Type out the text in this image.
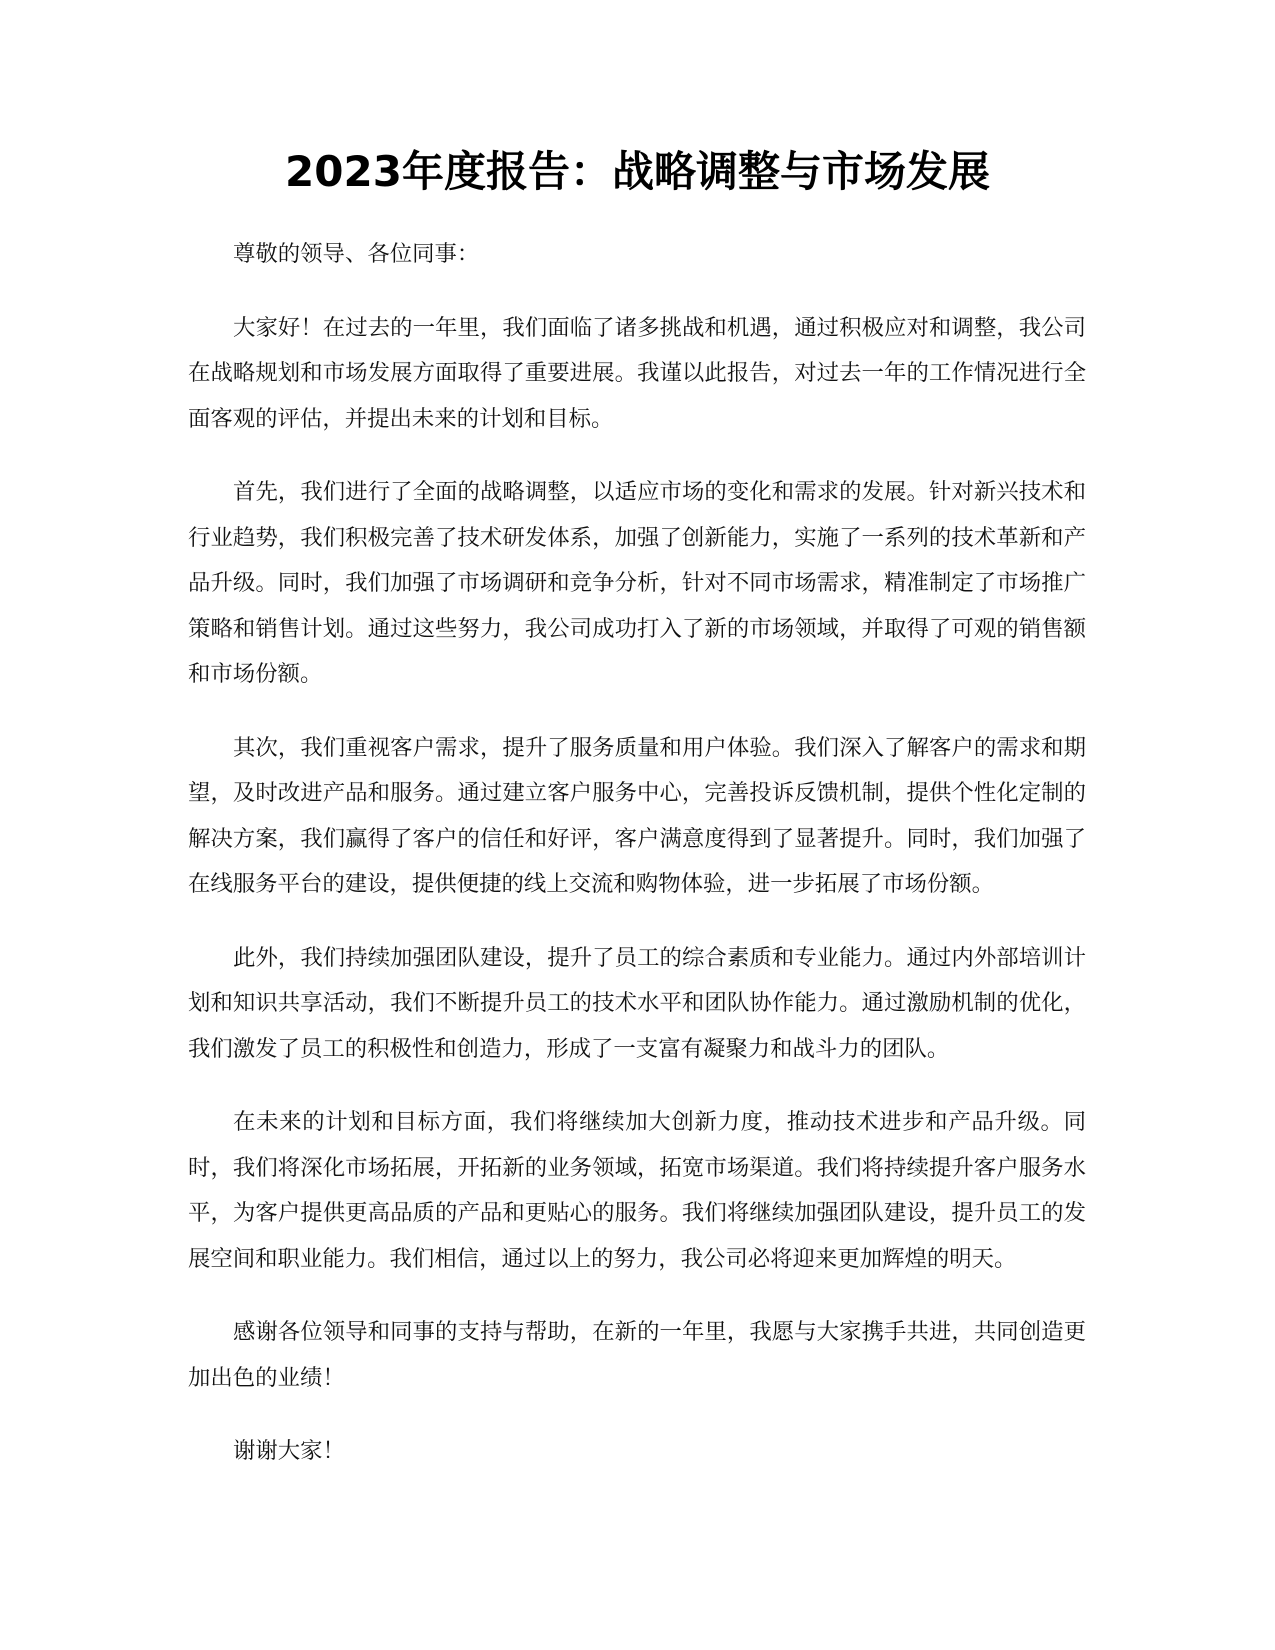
2023年度报告：战略调整与市场发展

尊敬的领导、各位同事：

大家好！在过去的一年里，我们面临了诸多挑战和机遇，通过积极应对和调整，我公司在战略规划和市场发展方面取得了重要进展。我谨以此报告，对过去一年的工作情况进行全面客观的评估，并提出未来的计划和目标。

首先，我们进行了全面的战略调整，以适应市场的变化和需求的发展。针对新兴技术和行业趋势，我们积极完善了技术研发体系，加强了创新能力，实施了一系列的技术革新和产品升级。同时，我们加强了市场调研和竞争分析，针对不同市场需求，精准制定了市场推广策略和销售计划。通过这些努力，我公司成功打入了新的市场领域，并取得了可观的销售额和市场份额。

其次，我们重视客户需求，提升了服务质量和用户体验。我们深入了解客户的需求和期望，及时改进产品和服务。通过建立客户服务中心，完善投诉反馈机制，提供个性化定制的解决方案，我们赢得了客户的信任和好评，客户满意度得到了显著提升。同时，我们加强了在线服务平台的建设，提供便捷的线上交流和购物体验，进一步拓展了市场份额。

此外，我们持续加强团队建设，提升了员工的综合素质和专业能力。通过内外部培训计划和知识共享活动，我们不断提升员工的技术水平和团队协作能力。通过激励机制的优化，我们激发了员工的积极性和创造力，形成了一支富有凝聚力和战斗力的团队。

在未来的计划和目标方面，我们将继续加大创新力度，推动技术进步和产品升级。同时，我们将深化市场拓展，开拓新的业务领域，拓宽市场渠道。我们将持续提升客户服务水平，为客户提供更高品质的产品和更贴心的服务。我们将继续加强团队建设，提升员工的发展空间和职业能力。我们相信，通过以上的努力，我公司必将迎来更加辉煌的明天。

感谢各位领导和同事的支持与帮助，在新的一年里，我愿与大家携手共进，共同创造更加出色的业绩！

谢谢大家！
